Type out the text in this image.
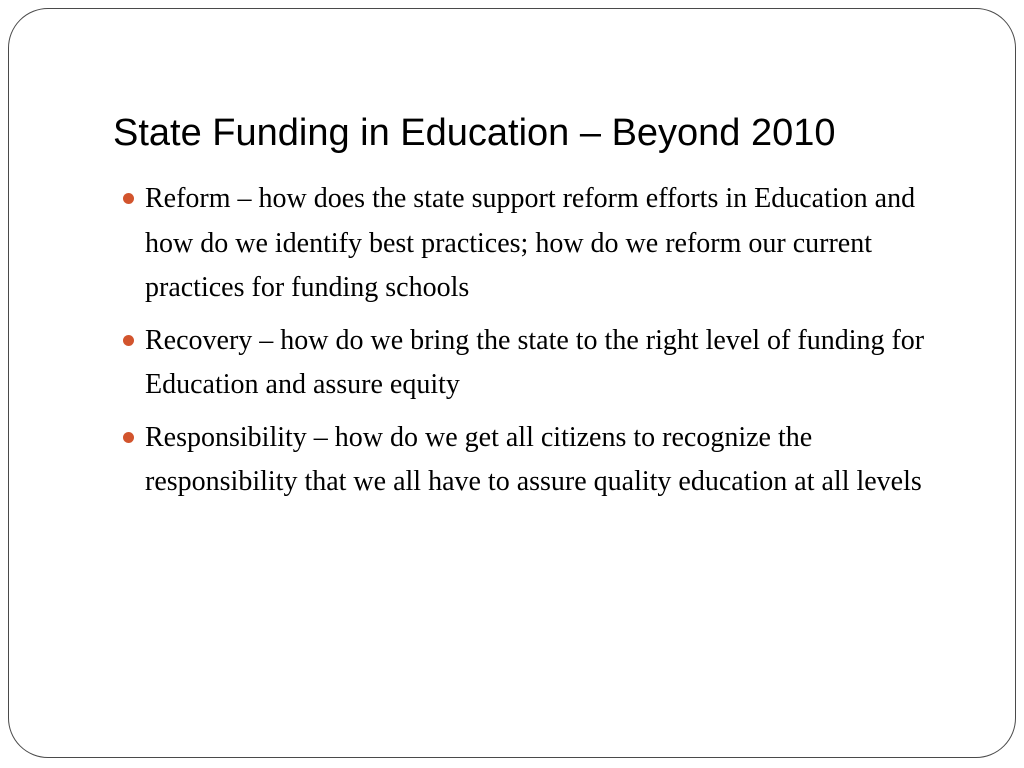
State Funding in Education – Beyond 2010
Reform – how does the state support reform efforts in Education and how do we identify best practices; how do we reform our current practices for funding schools
Recovery – how do we bring the state to the right level of funding for Education and assure equity
Responsibility – how do we get all citizens to recognize the responsibility that we all have to assure quality education at all levels
